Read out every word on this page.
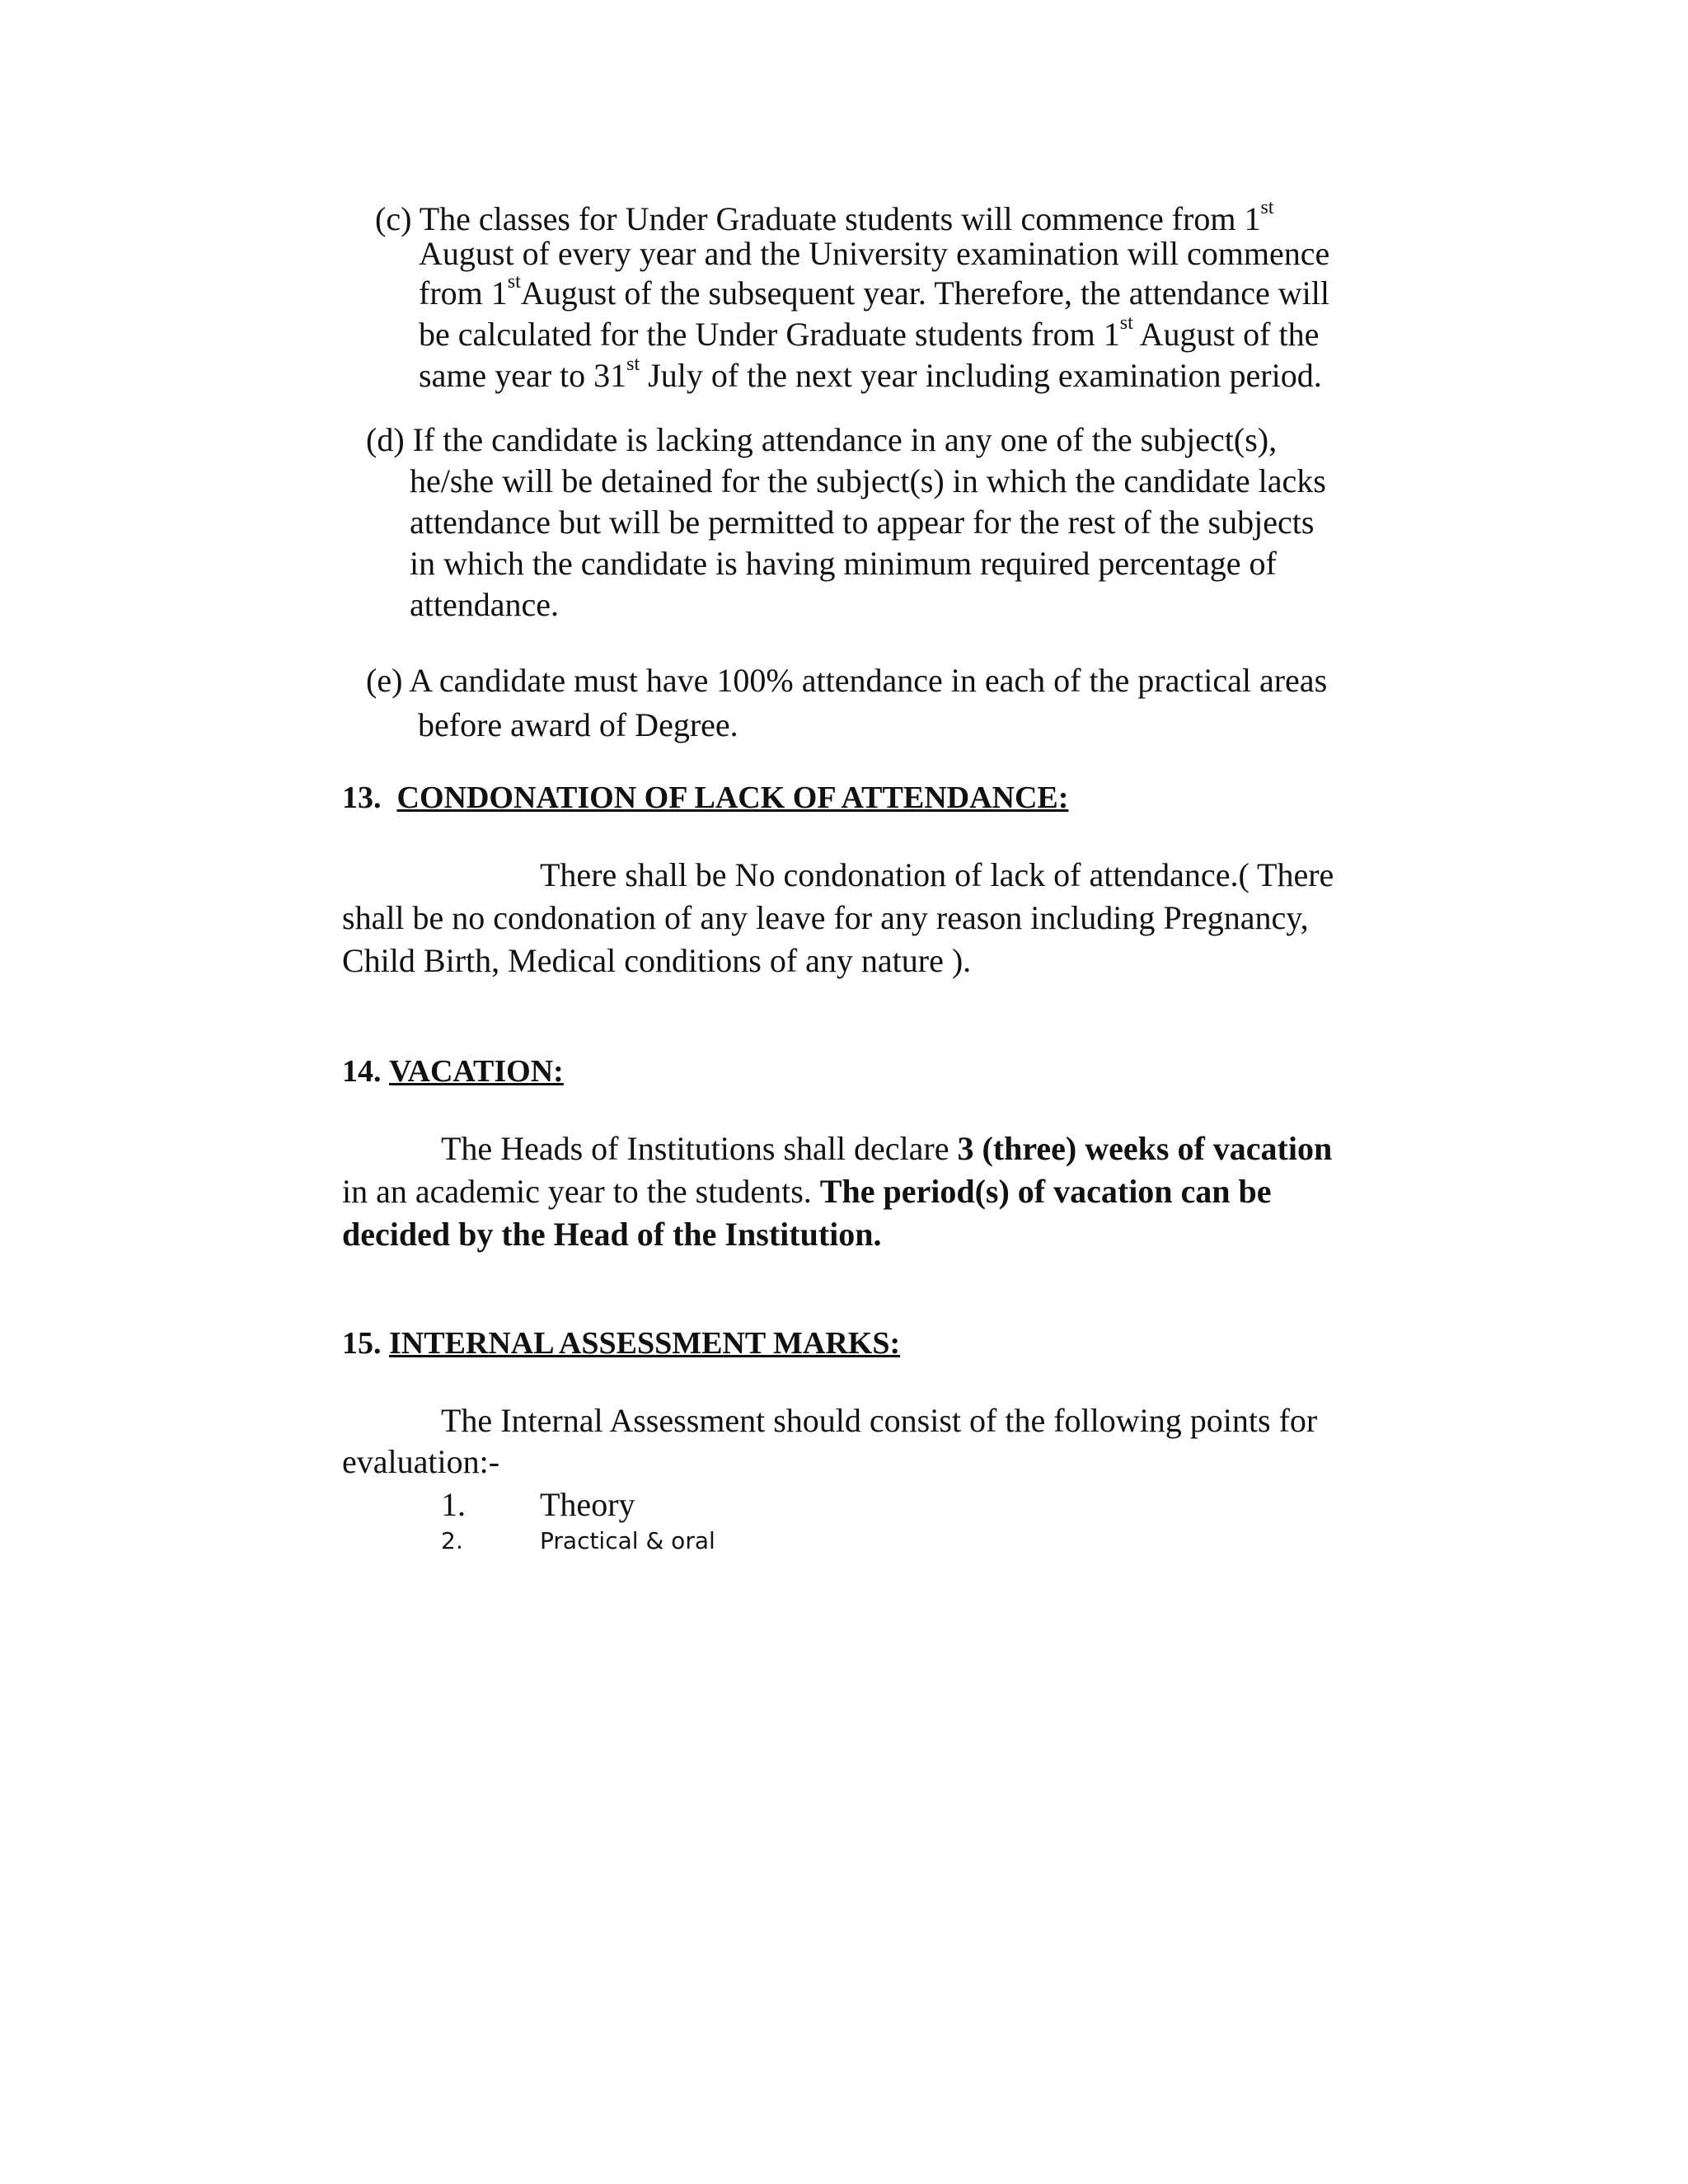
(c) The classes for Under Graduate students will commence from 1st
August of every year and the University examination will commence
from 1stAugust of the subsequent year. Therefore, the attendance will
be calculated for the Under Graduate students from 1st August of the
same year to 31st July of the next year including examination period.
(d) If the candidate is lacking attendance in any one of the subject(s),
he/she will be detained for the subject(s) in which the candidate lacks
attendance but will be permitted to appear for the rest of the subjects
in which the candidate is having minimum required percentage of
attendance.
(e) A candidate must have 100% attendance in each of the practical areas
before award of Degree.
13. CONDONATION OF LACK OF ATTENDANCE:
There shall be No condonation of lack of attendance.( There
shall be no condonation of any leave for any reason including Pregnancy,
Child Birth, Medical conditions of any nature ).
14. VACATION:
The Heads of Institutions shall declare 3 (three) weeks of vacation
in an academic year to the students. The period(s) of vacation can be
decided by the Head of the Institution.
15. INTERNAL ASSESSMENT MARKS:
The Internal Assessment should consist of the following points for
evaluation:-
1. Theory
2.	Practical & oral
